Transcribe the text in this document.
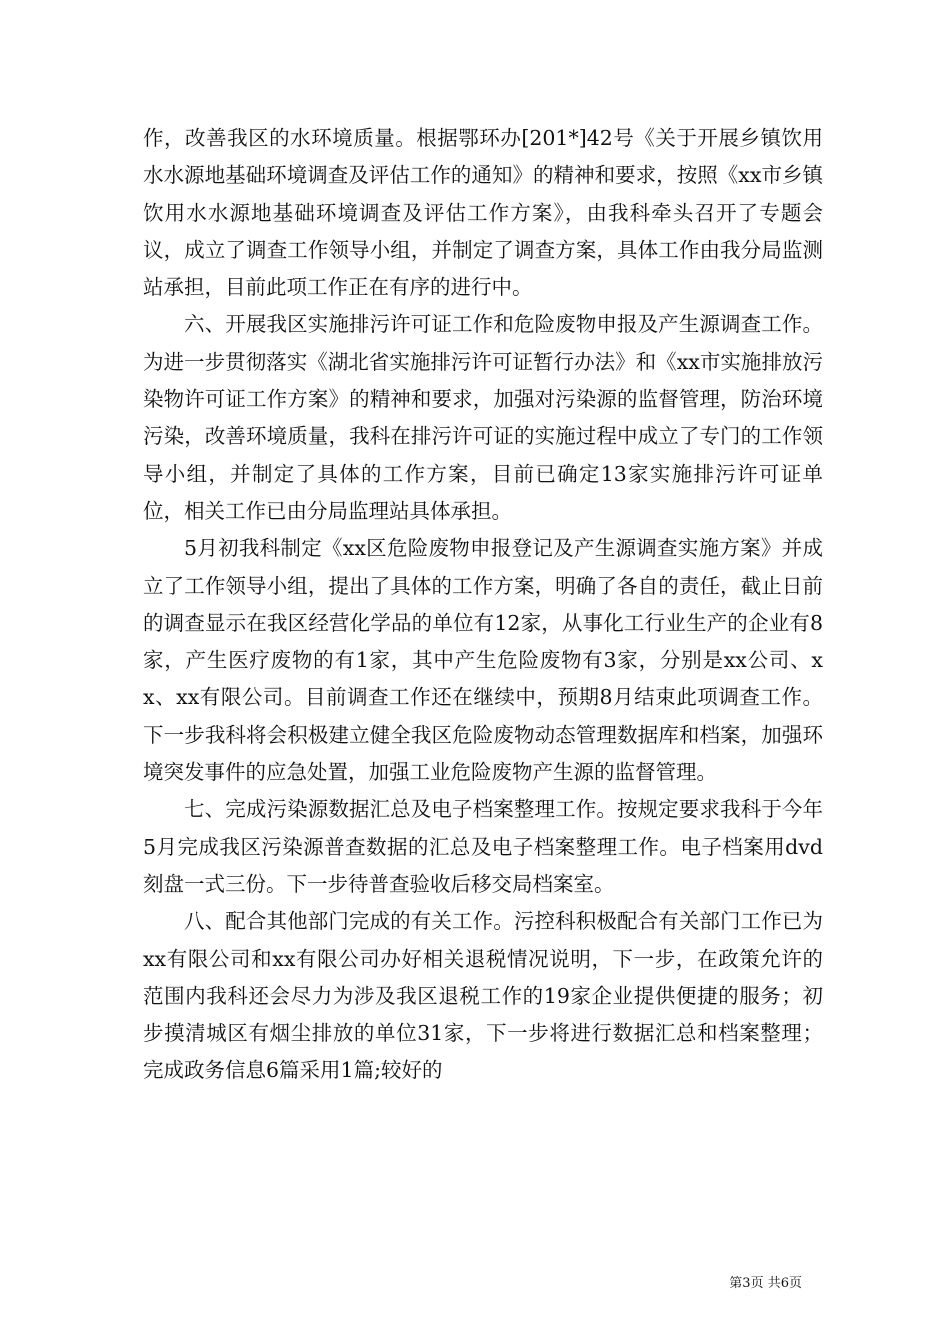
作，改善我区的水环境质量。根据鄂环办[201*]42号《关于开展乡镇饮用水水源地基础环境调查及评估工作的通知》的精神和要求，按照《xx市乡镇饮用水水源地基础环境调查及评估工作方案》，由我科牵头召开了专题会议，成立了调查工作领导小组，并制定了调查方案，具体工作由我分局监测站承担，目前此项工作正在有序的进行中。

六、开展我区实施排污许可证工作和危险废物申报及产生源调查工作。为进一步贯彻落实《湖北省实施排污许可证暂行办法》和《xx市实施排放污染物许可证工作方案》的精神和要求，加强对污染源的监督管理，防治环境污染，改善环境质量，我科在排污许可证的实施过程中成立了专门的工作领导小组，并制定了具体的工作方案，目前已确定13家实施排污许可证单位，相关工作已由分局监理站具体承担。

5月初我科制定《xx区危险废物申报登记及产生源调查实施方案》并成立了工作领导小组，提出了具体的工作方案，明确了各自的责任，截止日前的调查显示在我区经营化学品的单位有12家，从事化工行业生产的企业有8家，产生医疗废物的有1家，其中产生危险废物有3家，分别是xx公司、xx、xx有限公司。目前调查工作还在继续中，预期8月结束此项调查工作。下一步我科将会积极建立健全我区危险废物动态管理数据库和档案，加强环境突发事件的应急处置，加强工业危险废物产生源的监督管理。

七、完成污染源数据汇总及电子档案整理工作。按规定要求我科于今年5月完成我区污染源普查数据的汇总及电子档案整理工作。电子档案用dvd刻盘一式三份。下一步待普查验收后移交局档案室。

八、配合其他部门完成的有关工作。污控科积极配合有关部门工作已为xx有限公司和xx有限公司办好相关退税情况说明，下一步，在政策允许的范围内我科还会尽力为涉及我区退税工作的19家企业提供便捷的服务；初步摸清城区有烟尘排放的单位31家，下一步将进行数据汇总和档案整理；完成政务信息6篇采用1篇;较好的

第3页 共6页
